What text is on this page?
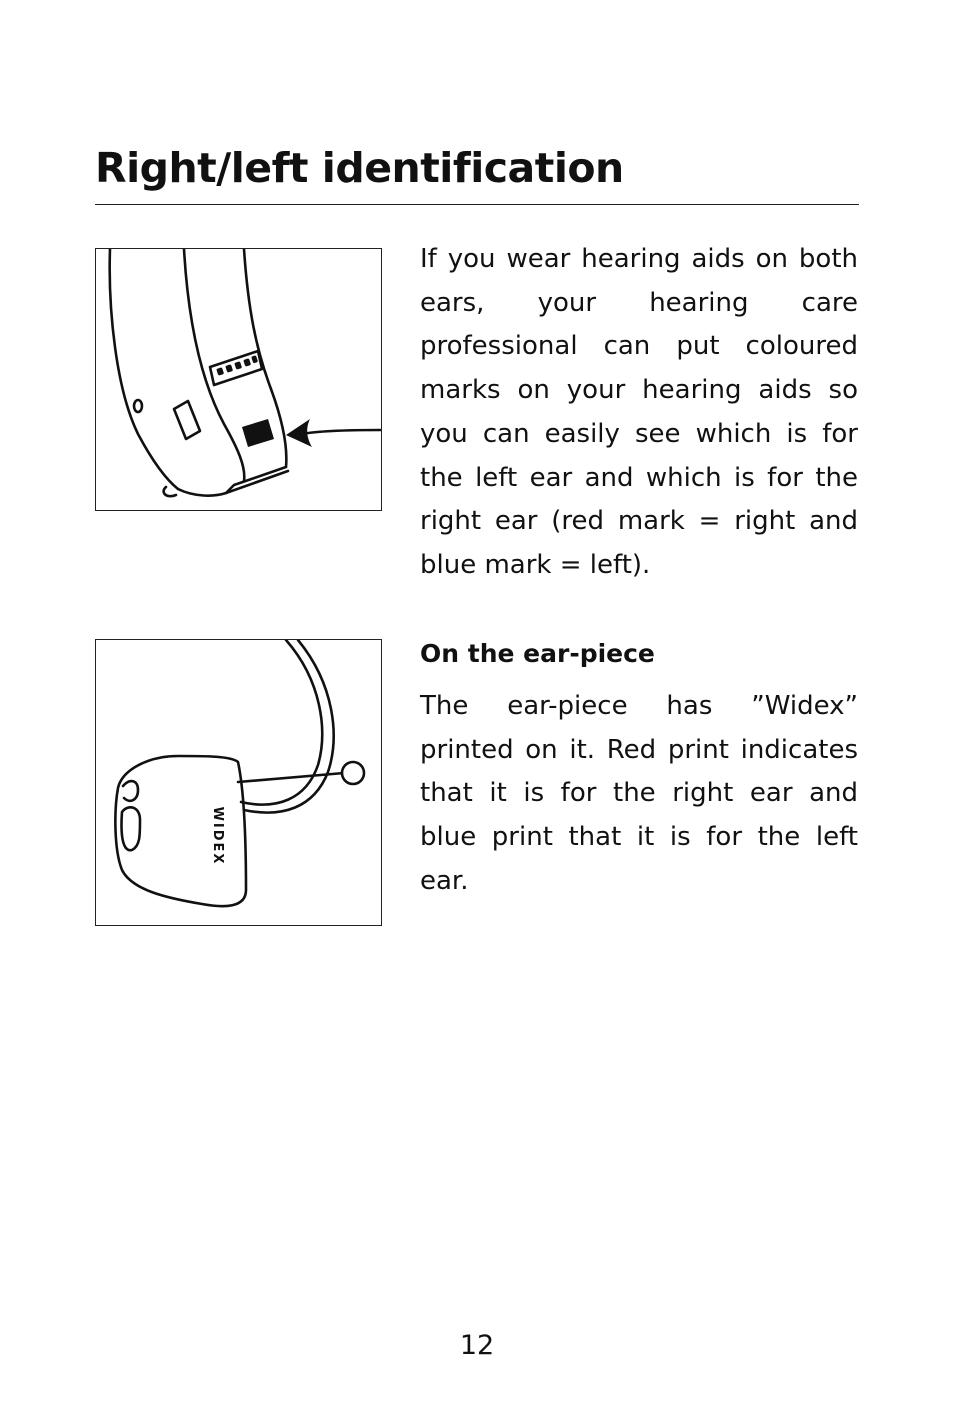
Right/left identification

If you wear hearing aids on both ears, your hearing care professional can put coloured marks on your hearing aids so you can easily see which is for the left ear and which is for the right ear (red mark = right and blue mark = left).

WIDEX
On the ear-piece

The ear-piece has ”Widex” printed on it. Red print indicates that it is for the right ear and blue print that it is for the left ear.

12
